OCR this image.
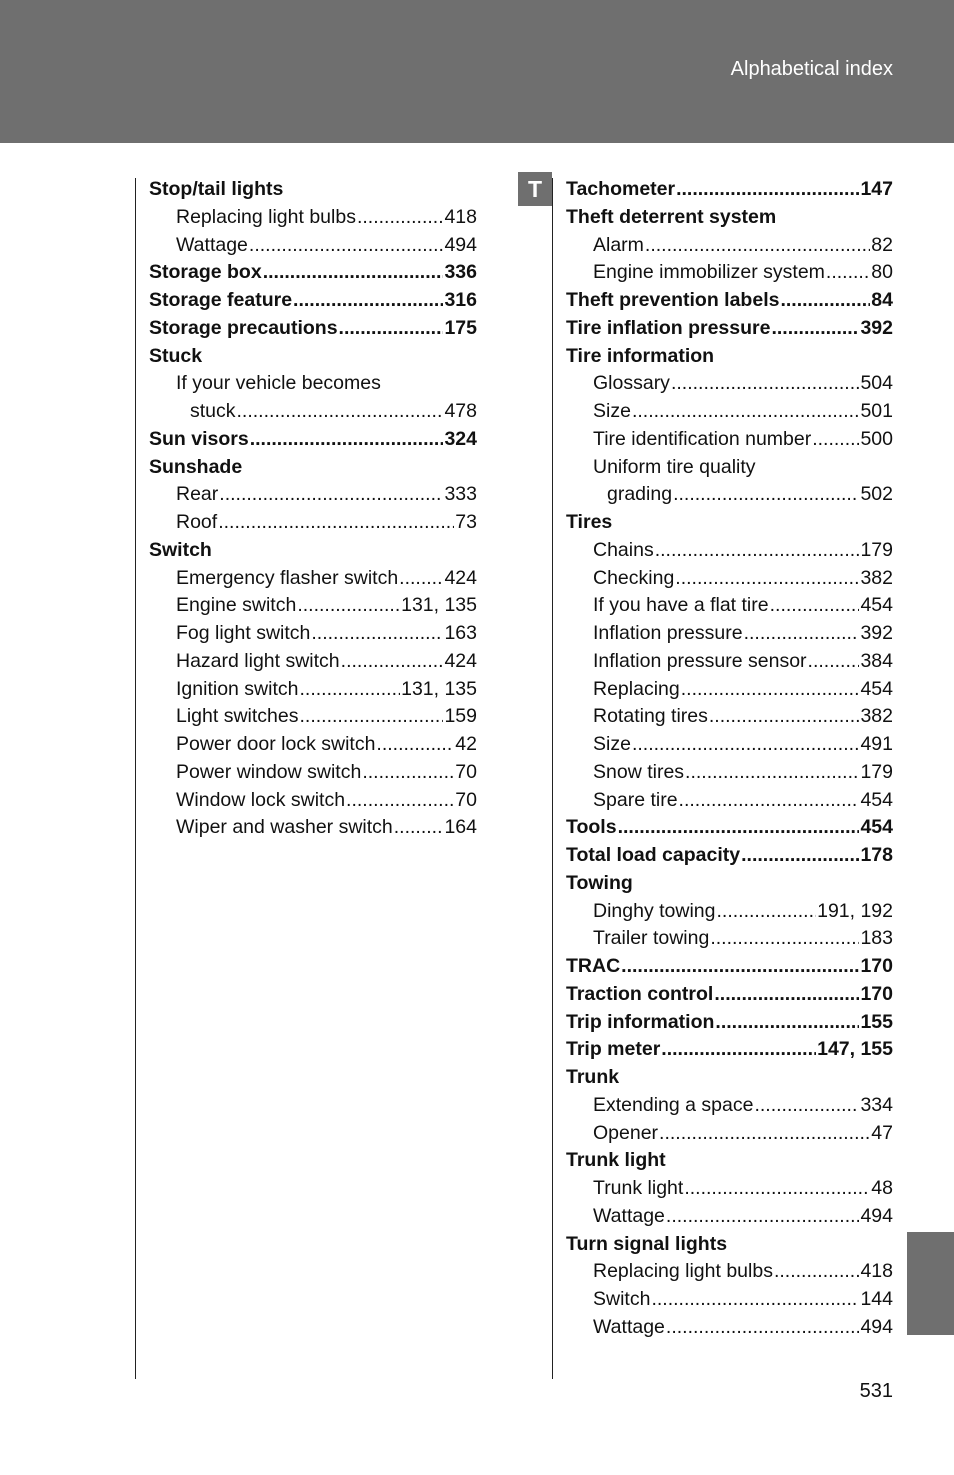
Alphabetical index
T
Stop/tail lights
Replacing light bulbs .....	418
Wattage .....	494
Storage box .....	336
Storage feature .....	316
Storage precautions .....	175
Stuck
If your vehicle becomes
stuck .....	478
Sun visors .....	324
Sunshade
Rear .....	333
Roof .....	73
Switch
Emergency flasher switch ..... 424
Engine switch .....	131, 135
Fog light switch .....	163
Hazard light switch .....	424
Ignition switch .....	131, 135
Light switches .....	159
Power door lock switch .....	42
Power window switch .....	70
Window lock switch .....	70
Wiper and washer switch .....	164
Tachometer .....	147
Theft deterrent system
Alarm .....	82
Engine immobilizer system ..... 80
Theft prevention labels .....	84
Tire inflation pressure .....	392
Tire information
Glossary .....	504
Size .....	501
Tire identification number .....	500
Uniform tire quality
grading .....	502
Tires
Chains .....	179
Checking .....	382
If you have a flat tire .....	454
Inflation pressure .....	392
Inflation pressure sensor .....	384
Replacing .....	454
Rotating tires .....	382
Size .....	491
Snow tires .....	179
Spare tire .....	454
Tools .....	454
Total load capacity .....	178
Towing
Dinghy towing .....	191, 192
Trailer towing .....	183
TRAC .....	170
Traction control .....	170
Trip information .....	155
Trip meter .....	147, 155
Trunk
Extending a space .....	334
Opener .....	47
Trunk light
Trunk light .....	48
Wattage .....	494
Turn signal lights
Replacing light bulbs .....	418
Switch .....	144
Wattage .....	494
531
